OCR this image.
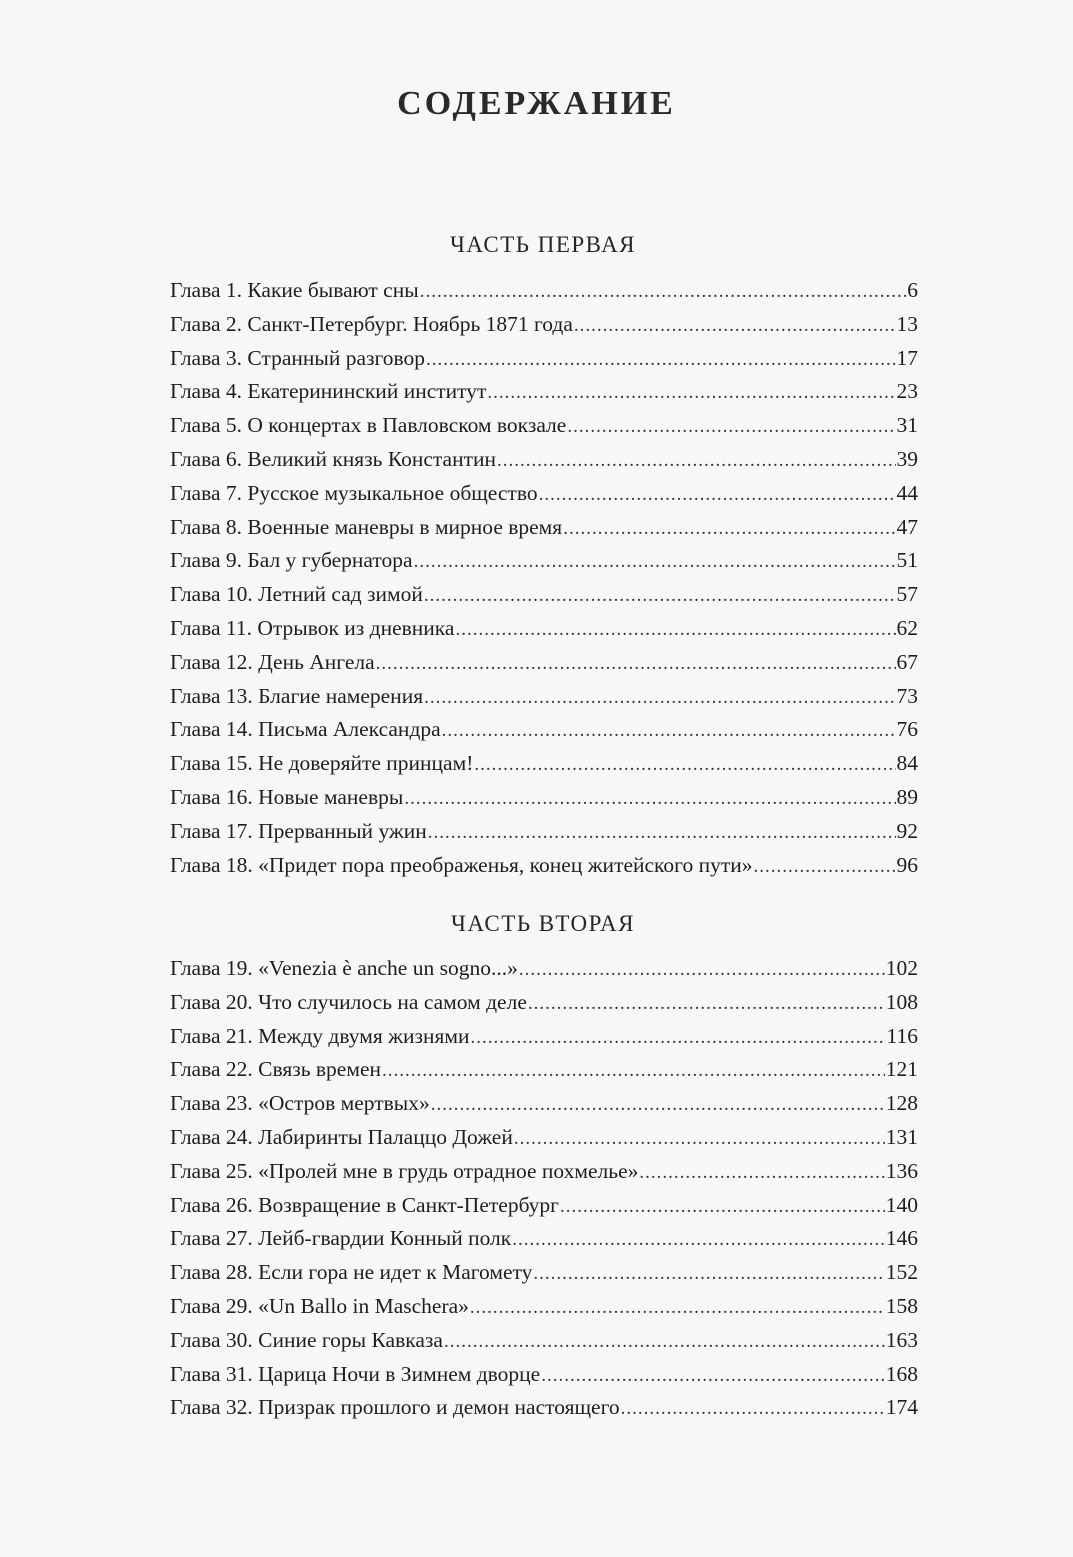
СОДЕРЖАНИЕ
ЧАСТЬ ПЕРВАЯ
Глава 1. Какие бывают сны .....	6
Глава 2. Санкт-Петербург. Ноябрь 1871 года .....	13
Глава 3. Странный разговор .....	17
Глава 4. Екатерининский институт .....	23
Глава 5. О концертах в Павловском вокзале .....	31
Глава 6. Великий князь Константин .....	39
Глава 7. Русское музыкальное общество .....	44
Глава 8. Военные маневры в мирное время .....	47
Глава 9. Бал у губернатора .....	51
Глава 10. Летний сад зимой .....	57
Глава 11. Отрывок из дневника .....	62
Глава 12. День Ангела .....	67
Глава 13. Благие намерения .....	73
Глава 14. Письма Александра .....	76
Глава 15. Не доверяйте принцам! .....	84
Глава 16. Новые маневры .....	89
Глава 17. Прерванный ужин .....	92
Глава 18. «Придет пора преображенья, конец житейского пути» .....	96
ЧАСТЬ ВТОРАЯ
Глава 19. «Venezia è anche un sogno...» .....	102
Глава 20. Что случилось на самом деле .....	108
Глава 21. Между двумя жизнями .....	116
Глава 22. Связь времен .....	121
Глава 23. «Остров мертвых» .....	128
Глава 24. Лабиринты Палаццо Дожей .....	131
Глава 25. «Пролей мне в грудь отрадное похмелье» .....	136
Глава 26. Возвращение в Санкт-Петербург .....	140
Глава 27. Лейб-гвардии Конный полк .....	146
Глава 28. Если гора не идет к Магомету .....	152
Глава 29. «Un Ballo in Maschera» .....	158
Глава 30. Синие горы Кавказа .....	163
Глава 31. Царица Ночи в Зимнем дворце .....	168
Глава 32. Призрак прошлого и демон настоящего .....	174
